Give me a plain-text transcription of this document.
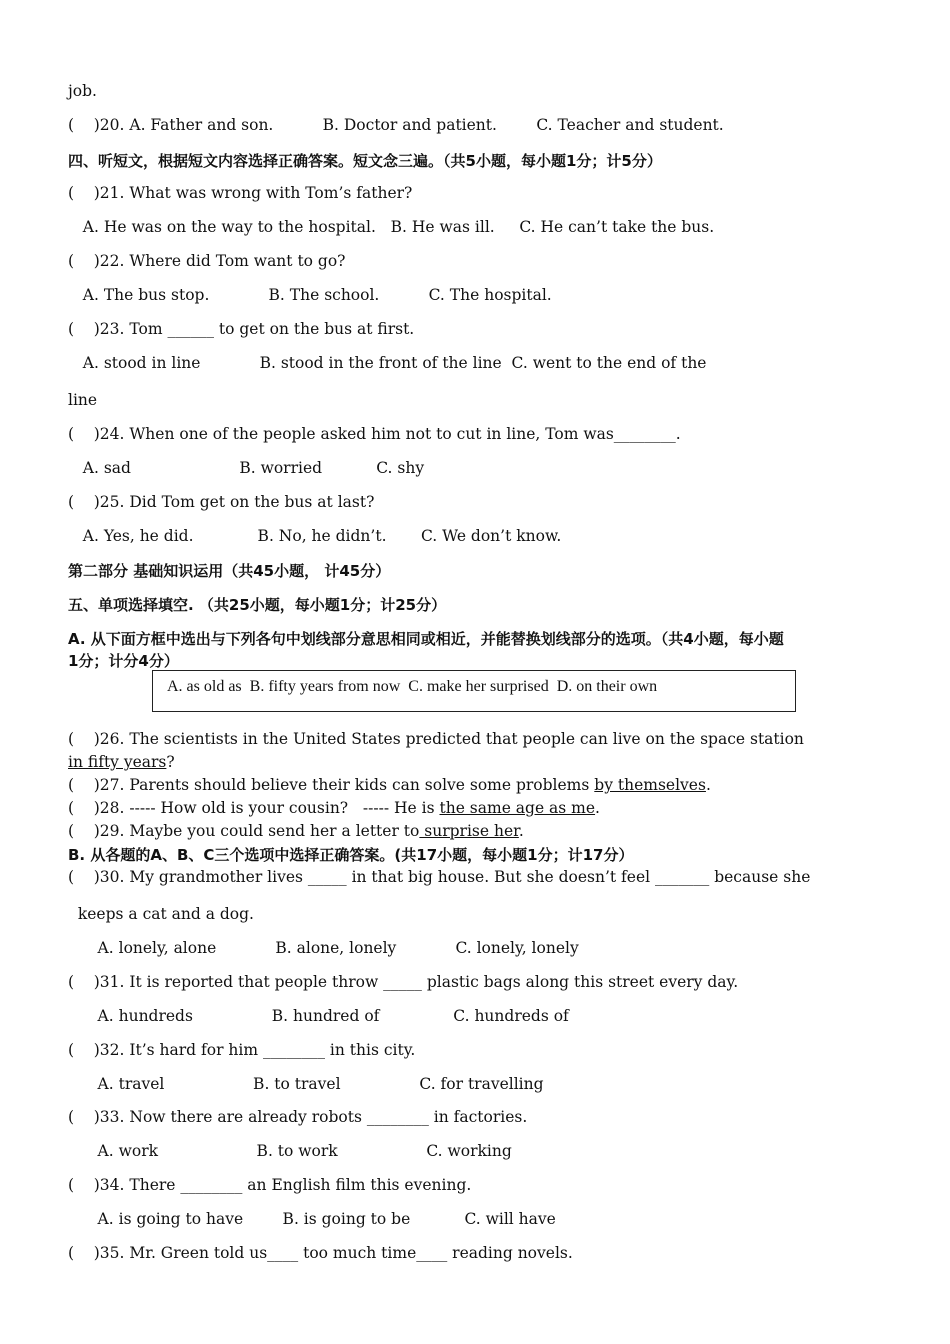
job.
(    )20. A. Father and son.          B. Doctor and patient.        C. Teacher and student.
四、听短文，根据短文内容选择正确答案。短文念三遍。（共5小题，每小题1分；计5分）
(    )21. What was wrong with Tom’s father?
A. He was on the way to the hospital.   B. He was ill.     C. He can’t take the bus.
(    )22. Where did Tom want to go?
A. The bus stop.            B. The school.          C. The hospital.
(    )23. Tom ______ to get on the bus at first.
A. stood in line            B. stood in the front of the line  C. went to the end of the
line
(    )24. When one of the people asked him not to cut in line, Tom was________.
A. sad                      B. worried           C. shy
(    )25. Did Tom get on the bus at last?
A. Yes, he did.             B. No, he didn’t.       C. We don’t know.
第二部分 基础知识运用（共45小题， 计45分）
五、单项选择填空. （共25小题，每小题1分；计25分）
A. 从下面方框中选出与下列各句中划线部分意思相同或相近，并能替换划线部分的选项。（共4小题，每小题
1分；计分4分）
A. as old as  B. fifty years from now  C. make her surprised  D. on their own
(    )26. The scientists in the United States predicted that people can live on the space station
in fifty years?
(    )27. Parents should believe their kids can solve some problems by themselves.
(    )28. ----- How old is your cousin?   ----- He is the same age as me.
(    )29. Maybe you could send her a letter to surprise her.
B. 从各题的A、B、C三个选项中选择正确答案。(共17小题，每小题1分；计17分）
(    )30. My grandmother lives _____ in that big house. But she doesn’t feel _______ because she
keeps a cat and a dog.
A. lonely, alone            B. alone, lonely            C. lonely, lonely
(    )31. It is reported that people throw _____ plastic bags along this street every day.
A. hundreds                B. hundred of               C. hundreds of
(    )32. It’s hard for him ________ in this city.
A. travel                  B. to travel                C. for travelling
(    )33. Now there are already robots ________ in factories.
A. work                    B. to work                  C. working
(    )34. There ________ an English film this evening.
A. is going to have        B. is going to be           C. will have
(    )35. Mr. Green told us____ too much time____ reading novels.
